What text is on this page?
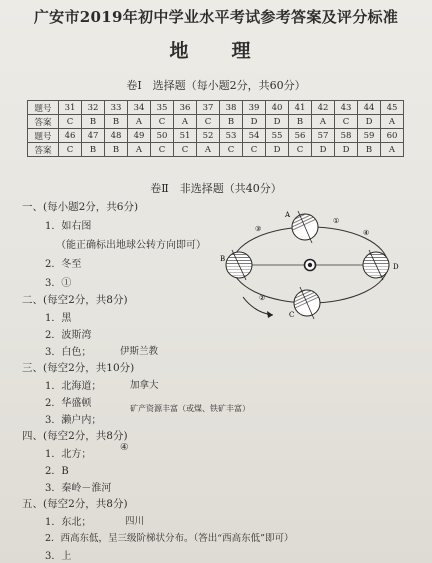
广安市2019年初中学业水平考试参考答案及评分标准
地　理
卷Ⅰ　选择题（每小题2分，共60分）
题号	31	32	33	34	35	36	37	38	39	40	41	42	43	44	45
答案	C	B	B	A	C	A	C	B	D	D	B	A	C	D	A
题号	46	47	48	49	50	51	52	53	54	55	56	57	58	59	60
答案	C	B	B	A	C	C	A	C	C	D	C	D	D	B	A
卷Ⅱ　非选择题（共40分）
一、(每小题2分，共6分)
1．如右图
（能正确标出地球公转方向即可）
2．冬至
3．①
二、(每空2分，共8分)
1．黑
2．波斯湾
3．白色；	伊斯兰教
三、(每空2分，共10分)
1．北海道；	加拿大
2．华盛顿
3．濑户内；
矿产资源丰富（或煤、铁矿丰富）
四、(每空2分，共8分)
1．北方；
④
2．B
3．秦岭－淮河
五、(每空2分，共8分)
1．东北；	四川
2．西高东低，呈三级阶梯状分布。（答出“西高东低”即可）
3．上
A
B
C
D
①
②
③	④
